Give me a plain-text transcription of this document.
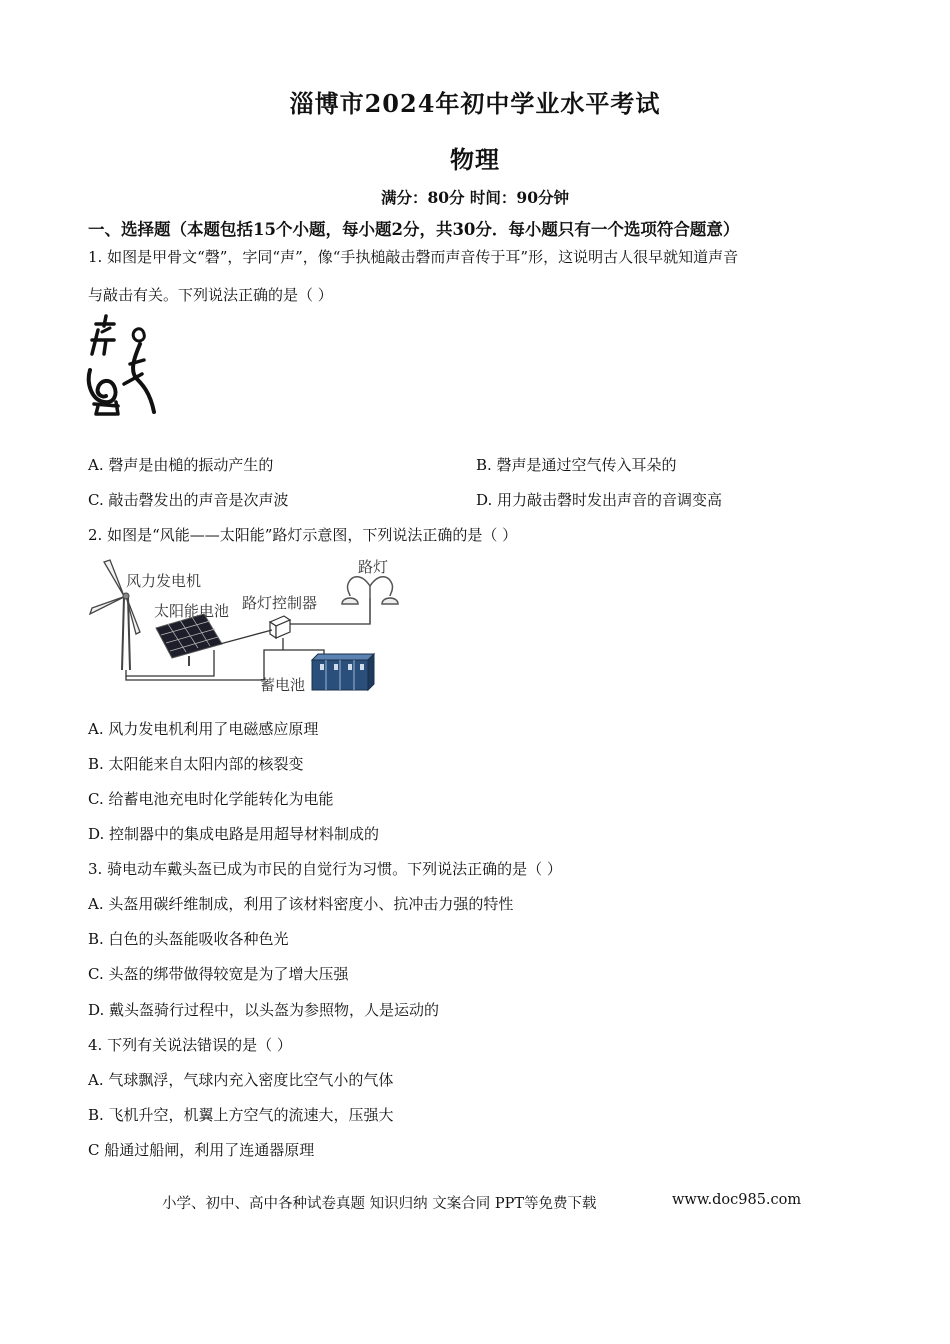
淄博市2024年初中学业水平考试
物理
满分：80分 时间：90分钟
一、选择题（本题包括15个小题，每小题2分，共30分．每小题只有一个选项符合题意）
1. 如图是甲骨文“磬”，字同“声”，像“手执槌敲击磬而声音传于耳”形，这说明古人很早就知道声音
与敲击有关。下列说法正确的是（ ）
A. 磬声是由槌的振动产生的	B. 磬声是通过空气传入耳朵的
C. 敲击磬发出的声音是次声波	D. 用力敲击磬时发出声音的音调变高
2. 如图是“风能——太阳能”路灯示意图，下列说法正确的是（ ）
风力发电机
太阳能电池 路灯控制器
路灯
蓄电池
A. 风力发电机利用了电磁感应原理
B. 太阳能来自太阳内部的核裂变
C. 给蓄电池充电时化学能转化为电能
D. 控制器中的集成电路是用超导材料制成的
3. 骑电动车戴头盔已成为市民的自觉行为习惯。下列说法正确的是（ ）
A. 头盔用碳纤维制成，利用了该材料密度小、抗冲击力强的特性
B. 白色的头盔能吸收各种色光
C. 头盔的绑带做得较宽是为了增大压强
D. 戴头盔骑行过程中，以头盔为参照物，人是运动的
4. 下列有关说法错误的是（ ）
A. 气球飘浮，气球内充入密度比空气小的气体
B. 飞机升空，机翼上方空气的流速大，压强大
C 船通过船闸，利用了连通器原理
小学、初中、高中各种试卷真题 知识归纳 文案合同 PPT等免费下载	www.doc985.com
